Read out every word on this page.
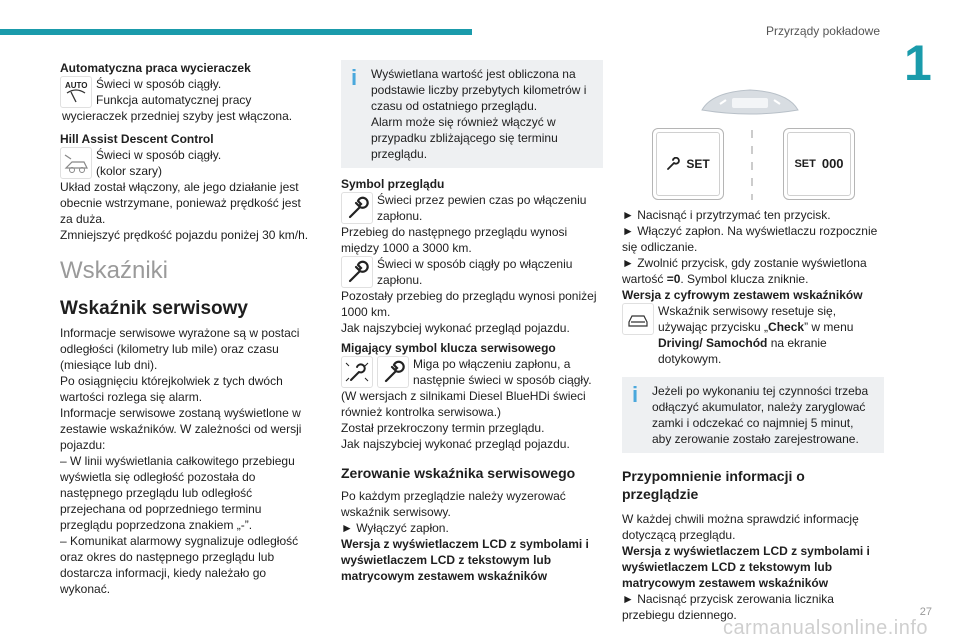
Przyrządy pokładowe
1

Automatyczna praca wycieraczek

AUTO Świeci w sposób ciągły.

Funkcja automatycznej pracy wycieraczek przedniej szyby jest włączona.

Hill Assist Descent Control

Świeci w sposób ciągły.

(kolor szary)

Układ został włączony, ale jego działanie jest obecnie wstrzymane, ponieważ prędkość jest za duża.

Zmniejszyć prędkość pojazdu poniżej 30 km/h.

Wskaźniki

Wskaźnik serwisowy

Informacje serwisowe wyrażone są w postaci odległości (kilometry lub mile) oraz czasu (miesiące lub dni).

Po osiągnięciu którejkolwiek z tych dwóch wartości rozlega się alarm.

Informacje serwisowe zostaną wyświetlone w zestawie wskaźników. W zależności od wersji pojazdu:

– W linii wyświetlania całkowitego przebiegu wyświetla się odległość pozostała do następnego przeglądu lub odległość przejechana od poprzedniego terminu przeglądu poprzedzona znakiem „-”.

– Komunikat alarmowy sygnalizuje odległość oraz okres do następnego przeglądu lub dostarcza informacji, kiedy należało go wykonać.

i Wyświetlana wartość jest obliczona na podstawie liczby przebytych kilometrów i czasu od ostatniego przeglądu.

Alarm może się również włączyć w przypadku zbliżającego się terminu przeglądu.

Symbol przeglądu

Świeci przez pewien czas po włączeniu zapłonu.

Przebieg do następnego przeglądu wynosi między 1000 a 3000 km.

Świeci w sposób ciągły po włączeniu zapłonu.

Pozostały przebieg do przeglądu wynosi poniżej 1000 km.

Jak najszybciej wykonać przegląd pojazdu.

Migający symbol klucza serwisowego

Miga po włączeniu zapłonu, a następnie świeci w sposób ciągły.

(W wersjach z silnikami Diesel BlueHDi świeci również kontrolka serwisowa.)

Został przekroczony termin przeglądu.

Jak najszybciej wykonać przegląd pojazdu.

Zerowanie wskaźnika serwisowego

Po każdym przeglądzie należy wyzerować wskaźnik serwisowy.

► Wyłączyć zapłon.

Wersja z wyświetlaczem LCD z symbolami i wyświetlaczem LCD z tekstowym lub matrycowym zestawem wskaźników

SET	SET 000

► Nacisnąć i przytrzymać ten przycisk.

► Włączyć zapłon. Na wyświetlaczu rozpocznie się odliczanie.

► Zwolnić przycisk, gdy zostanie wyświetlona wartość =0. Symbol klucza zniknie.

Wersja z cyfrowym zestawem wskaźników

Wskaźnik serwisowy resetuje się, używając przycisku „Check” w menu Driving/ Samochód na ekranie dotykowym.

i Jeżeli po wykonaniu tej czynności trzeba odłączyć akumulator, należy zaryglować zamki i odczekać co najmniej 5 minut, aby zerowanie zostało zarejestrowane.

Przypomnienie informacji o przeglądzie

W każdej chwili można sprawdzić informację dotyczącą przeglądu.

Wersja z wyświetlaczem LCD z symbolami i wyświetlaczem LCD z tekstowym lub matrycowym zestawem wskaźników

► Nacisnąć przycisk zerowania licznika przebiegu dziennego.	27
carmanualsonline.info
